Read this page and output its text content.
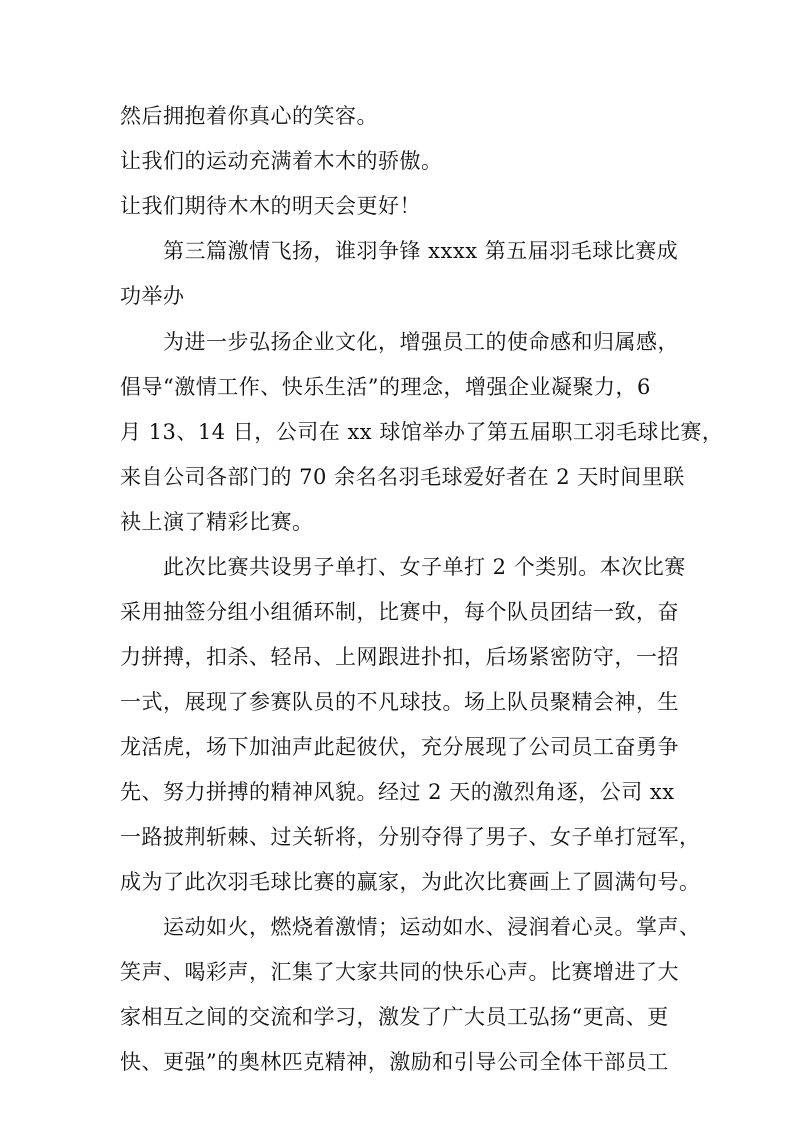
然后拥抱着你真心的笑容。
让我们的运动充满着木木的骄傲。
让我们期待木木的明天会更好！
第三篇激情飞扬，谁羽争锋 xxxx 第五届羽毛球比赛成
功举办
为进一步弘扬企业文化，增强员工的使命感和归属感，
倡导“激情工作、快乐生活”的理念，增强企业凝聚力，6
月 13、14 日，公司在 xx 球馆举办了第五届职工羽毛球比赛，
来自公司各部门的 70 余名名羽毛球爱好者在 2 天时间里联
袂上演了精彩比赛。
此次比赛共设男子单打、女子单打 2 个类别。本次比赛
采用抽签分组小组循环制，比赛中，每个队员团结一致，奋
力拼搏，扣杀、轻吊、上网跟进扑扣，后场紧密防守，一招
一式，展现了参赛队员的不凡球技。场上队员聚精会神，生
龙活虎，场下加油声此起彼伏，充分展现了公司员工奋勇争
先、努力拼搏的精神风貌。经过 2 天的激烈角逐，公司 xx
一路披荆斩棘、过关斩将，分别夺得了男子、女子单打冠军，
成为了此次羽毛球比赛的赢家，为此次比赛画上了圆满句号。
运动如火，燃烧着激情；运动如水、浸润着心灵。掌声、
笑声、喝彩声，汇集了大家共同的快乐心声。比赛增进了大
家相互之间的交流和学习，激发了广大员工弘扬“更高、更
快、更强”的奥林匹克精神，激励和引导公司全体干部员工
